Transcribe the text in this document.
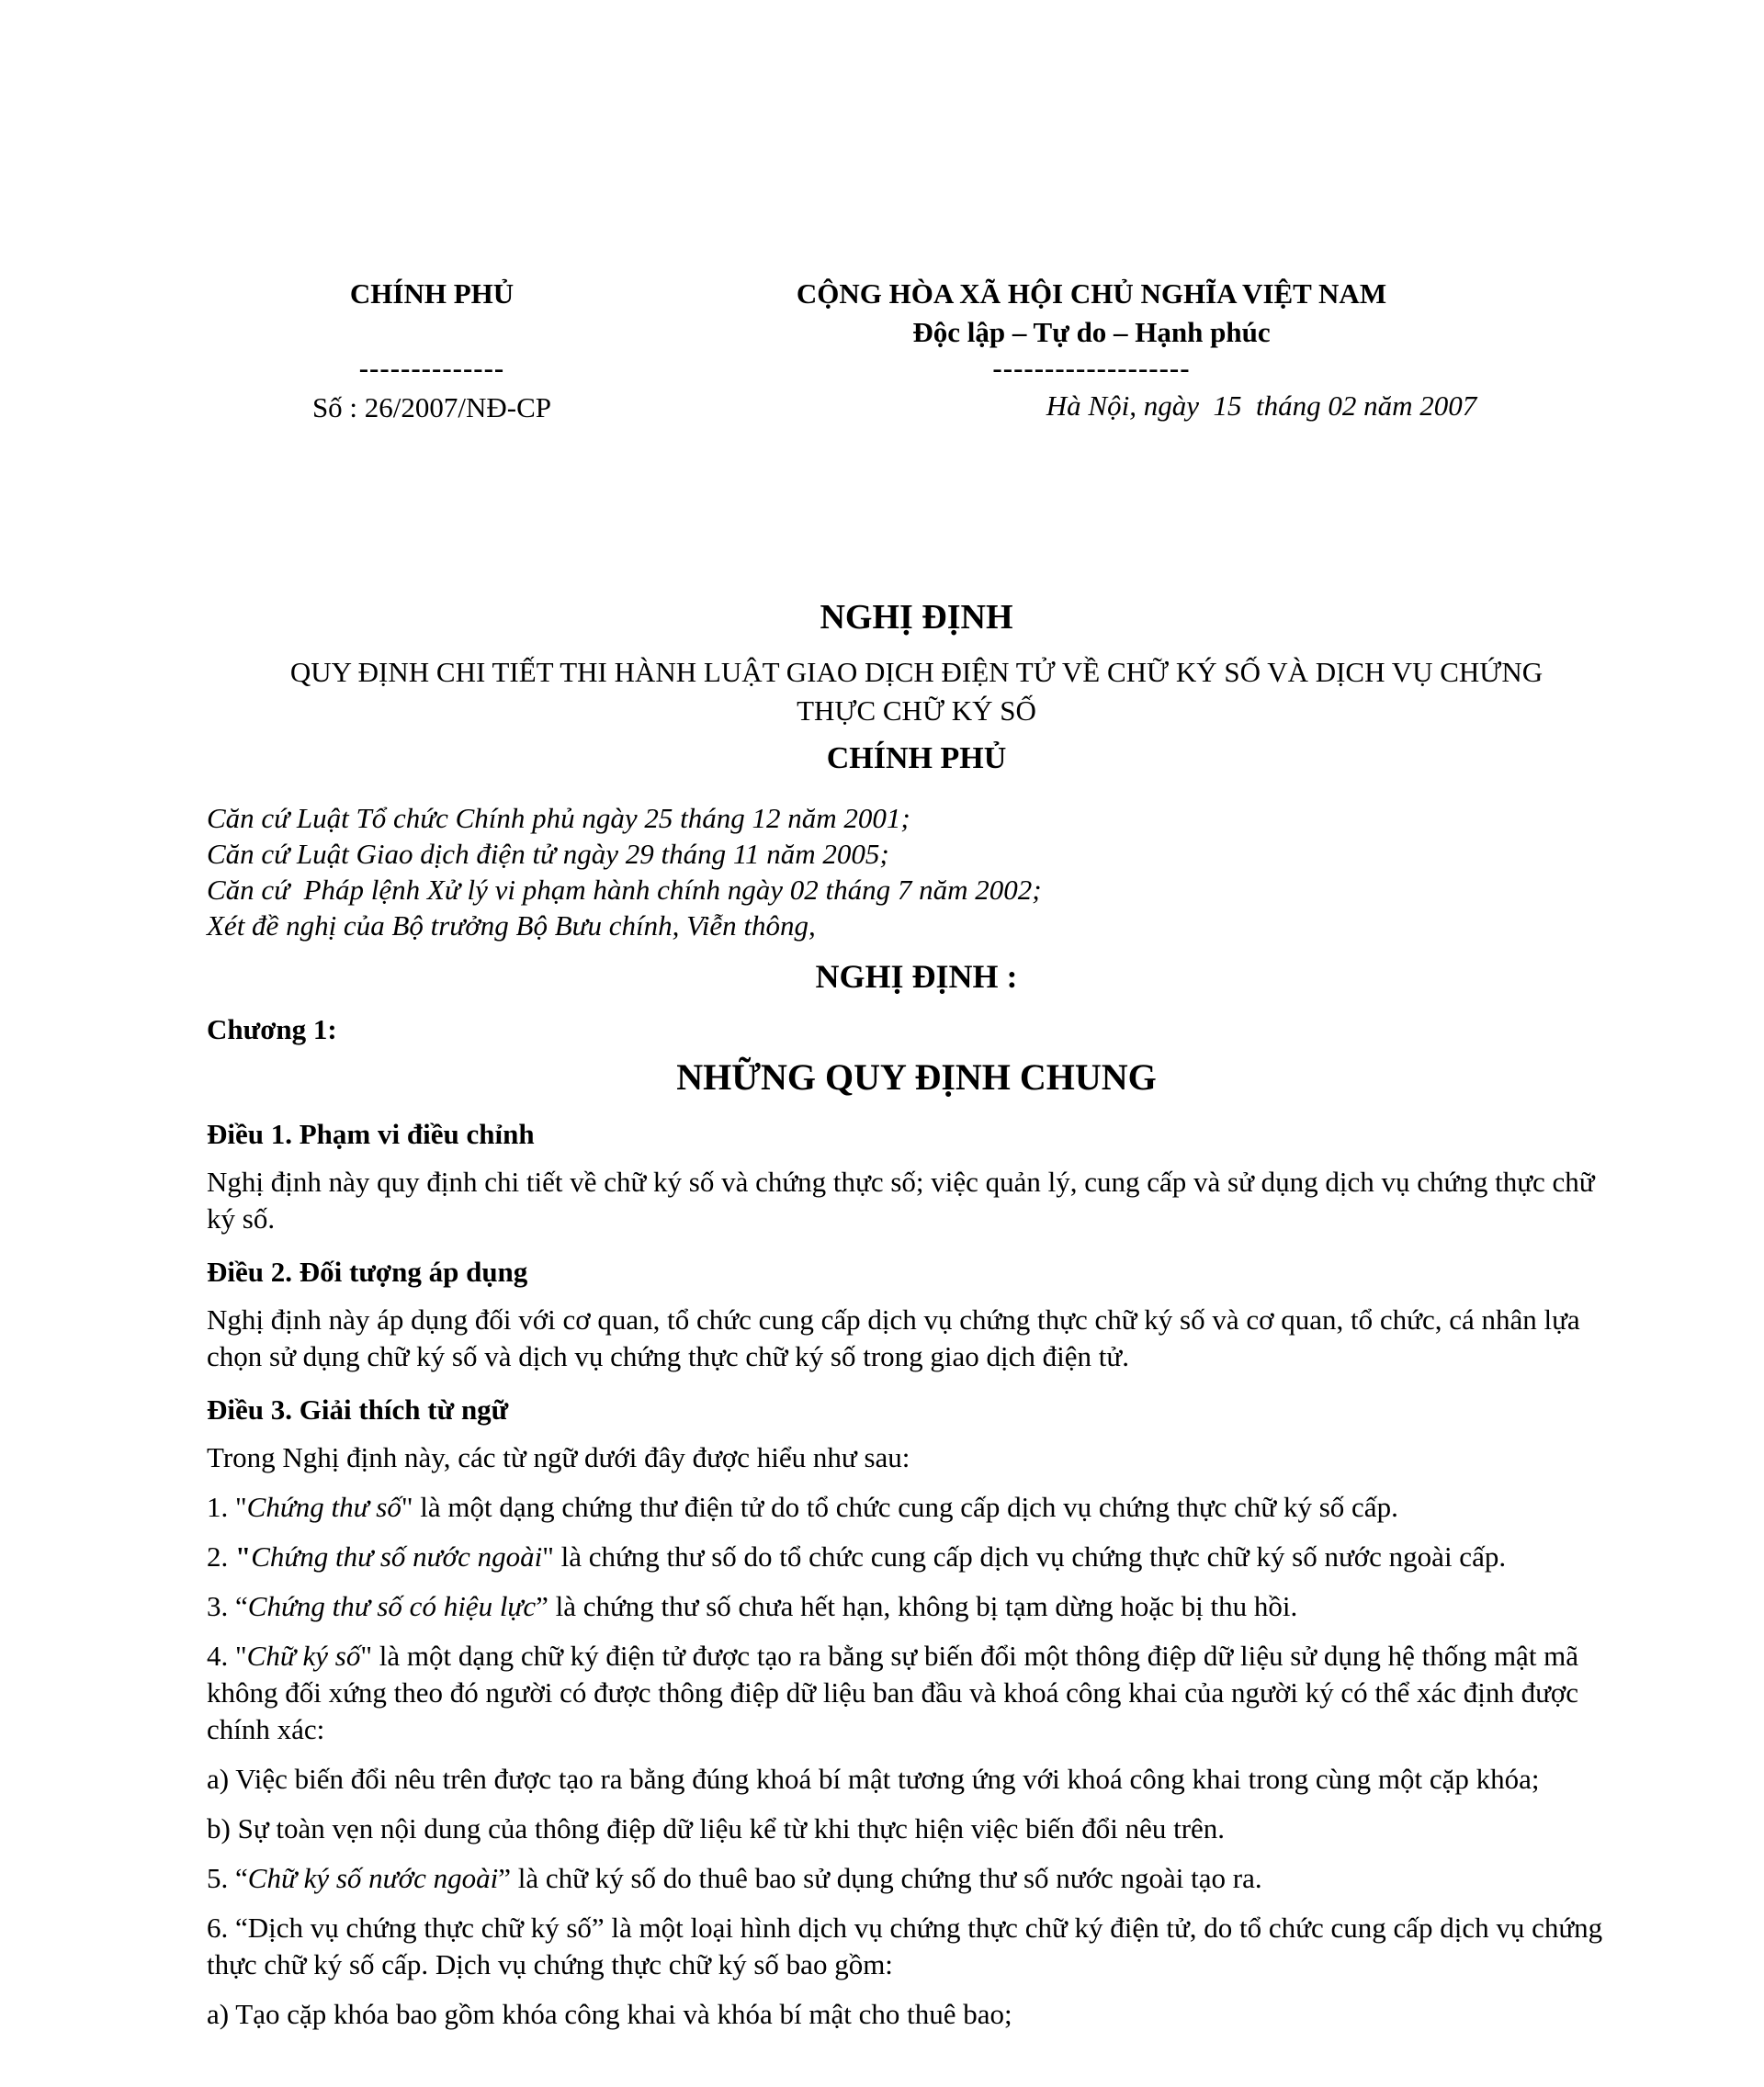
CHÍNH PHỦ
--------------
Số : 26/2007/NĐ-CP
CỘNG HÒA XÃ HỘI CHỦ NGHĨA VIỆT NAM
Độc lập – Tự do – Hạnh phúc
-------------------
Hà Nội, ngày  15  tháng 02 năm 2007
NGHỊ ĐỊNH

QUY ĐỊNH CHI TIẾT THI HÀNH LUẬT GIAO DỊCH ĐIỆN TỬ VỀ CHỮ KÝ SỐ VÀ DỊCH VỤ CHỨNG THỰC CHỮ KÝ SỐ

CHÍNH PHỦ

Căn cứ Luật Tổ chức Chính phủ ngày 25 tháng 12 năm 2001;

Căn cứ Luật Giao dịch điện tử ngày 29 tháng 11 năm 2005;

Căn cứ  Pháp lệnh Xử lý vi phạm hành chính ngày 02 tháng 7 năm 2002;

Xét đề nghị của Bộ trưởng Bộ Bưu chính, Viễn thông,

NGHỊ ĐỊNH :

Chương 1:

NHỮNG QUY ĐỊNH CHUNG
Điều 1. Phạm vi điều chỉnh

Nghị định này quy định chi tiết về chữ ký số và chứng thực số; việc quản lý, cung cấp và sử dụng dịch vụ chứng thực chữ ký số.

Điều 2. Đối tượng áp dụng

Nghị định này áp dụng đối với cơ quan, tổ chức cung cấp dịch vụ chứng thực chữ ký số và cơ quan, tổ chức, cá nhân lựa chọn sử dụng chữ ký số và dịch vụ chứng thực chữ ký số trong giao dịch điện tử.

Điều 3. Giải thích từ ngữ

Trong Nghị định này, các từ ngữ dưới đây được hiểu như sau:

1. "Chứng thư số" là một dạng chứng thư điện tử do tổ chức cung cấp dịch vụ chứng thực chữ ký số cấp.

2. "Chứng thư số nước ngoài" là chứng thư số do tổ chức cung cấp dịch vụ chứng thực chữ ký số nước ngoài cấp.

3. “Chứng thư số có hiệu lực” là chứng thư số chưa hết hạn, không bị tạm dừng hoặc bị thu hồi.

4. "Chữ ký số" là một dạng chữ ký điện tử được tạo ra bằng sự biến đổi một thông điệp dữ liệu sử dụng hệ thống mật mã không đối xứng theo đó người có được thông điệp dữ liệu ban đầu và khoá công khai của người ký có thể xác định được chính xác:

a) Việc biến đổi nêu trên được tạo ra bằng đúng khoá bí mật tương ứng với khoá công khai trong cùng một cặp khóa;

b) Sự toàn vẹn nội dung của thông điệp dữ liệu kể từ khi thực hiện việc biến đổi nêu trên.

5. “Chữ ký số nước ngoài” là chữ ký số do thuê bao sử dụng chứng thư số nước ngoài tạo ra.

6. “Dịch vụ chứng thực chữ ký số” là một loại hình dịch vụ chứng thực chữ ký điện tử, do tổ chức cung cấp dịch vụ chứng thực chữ ký số cấp. Dịch vụ chứng thực chữ ký số bao gồm:

a) Tạo cặp khóa bao gồm khóa công khai và khóa bí mật cho thuê bao;
